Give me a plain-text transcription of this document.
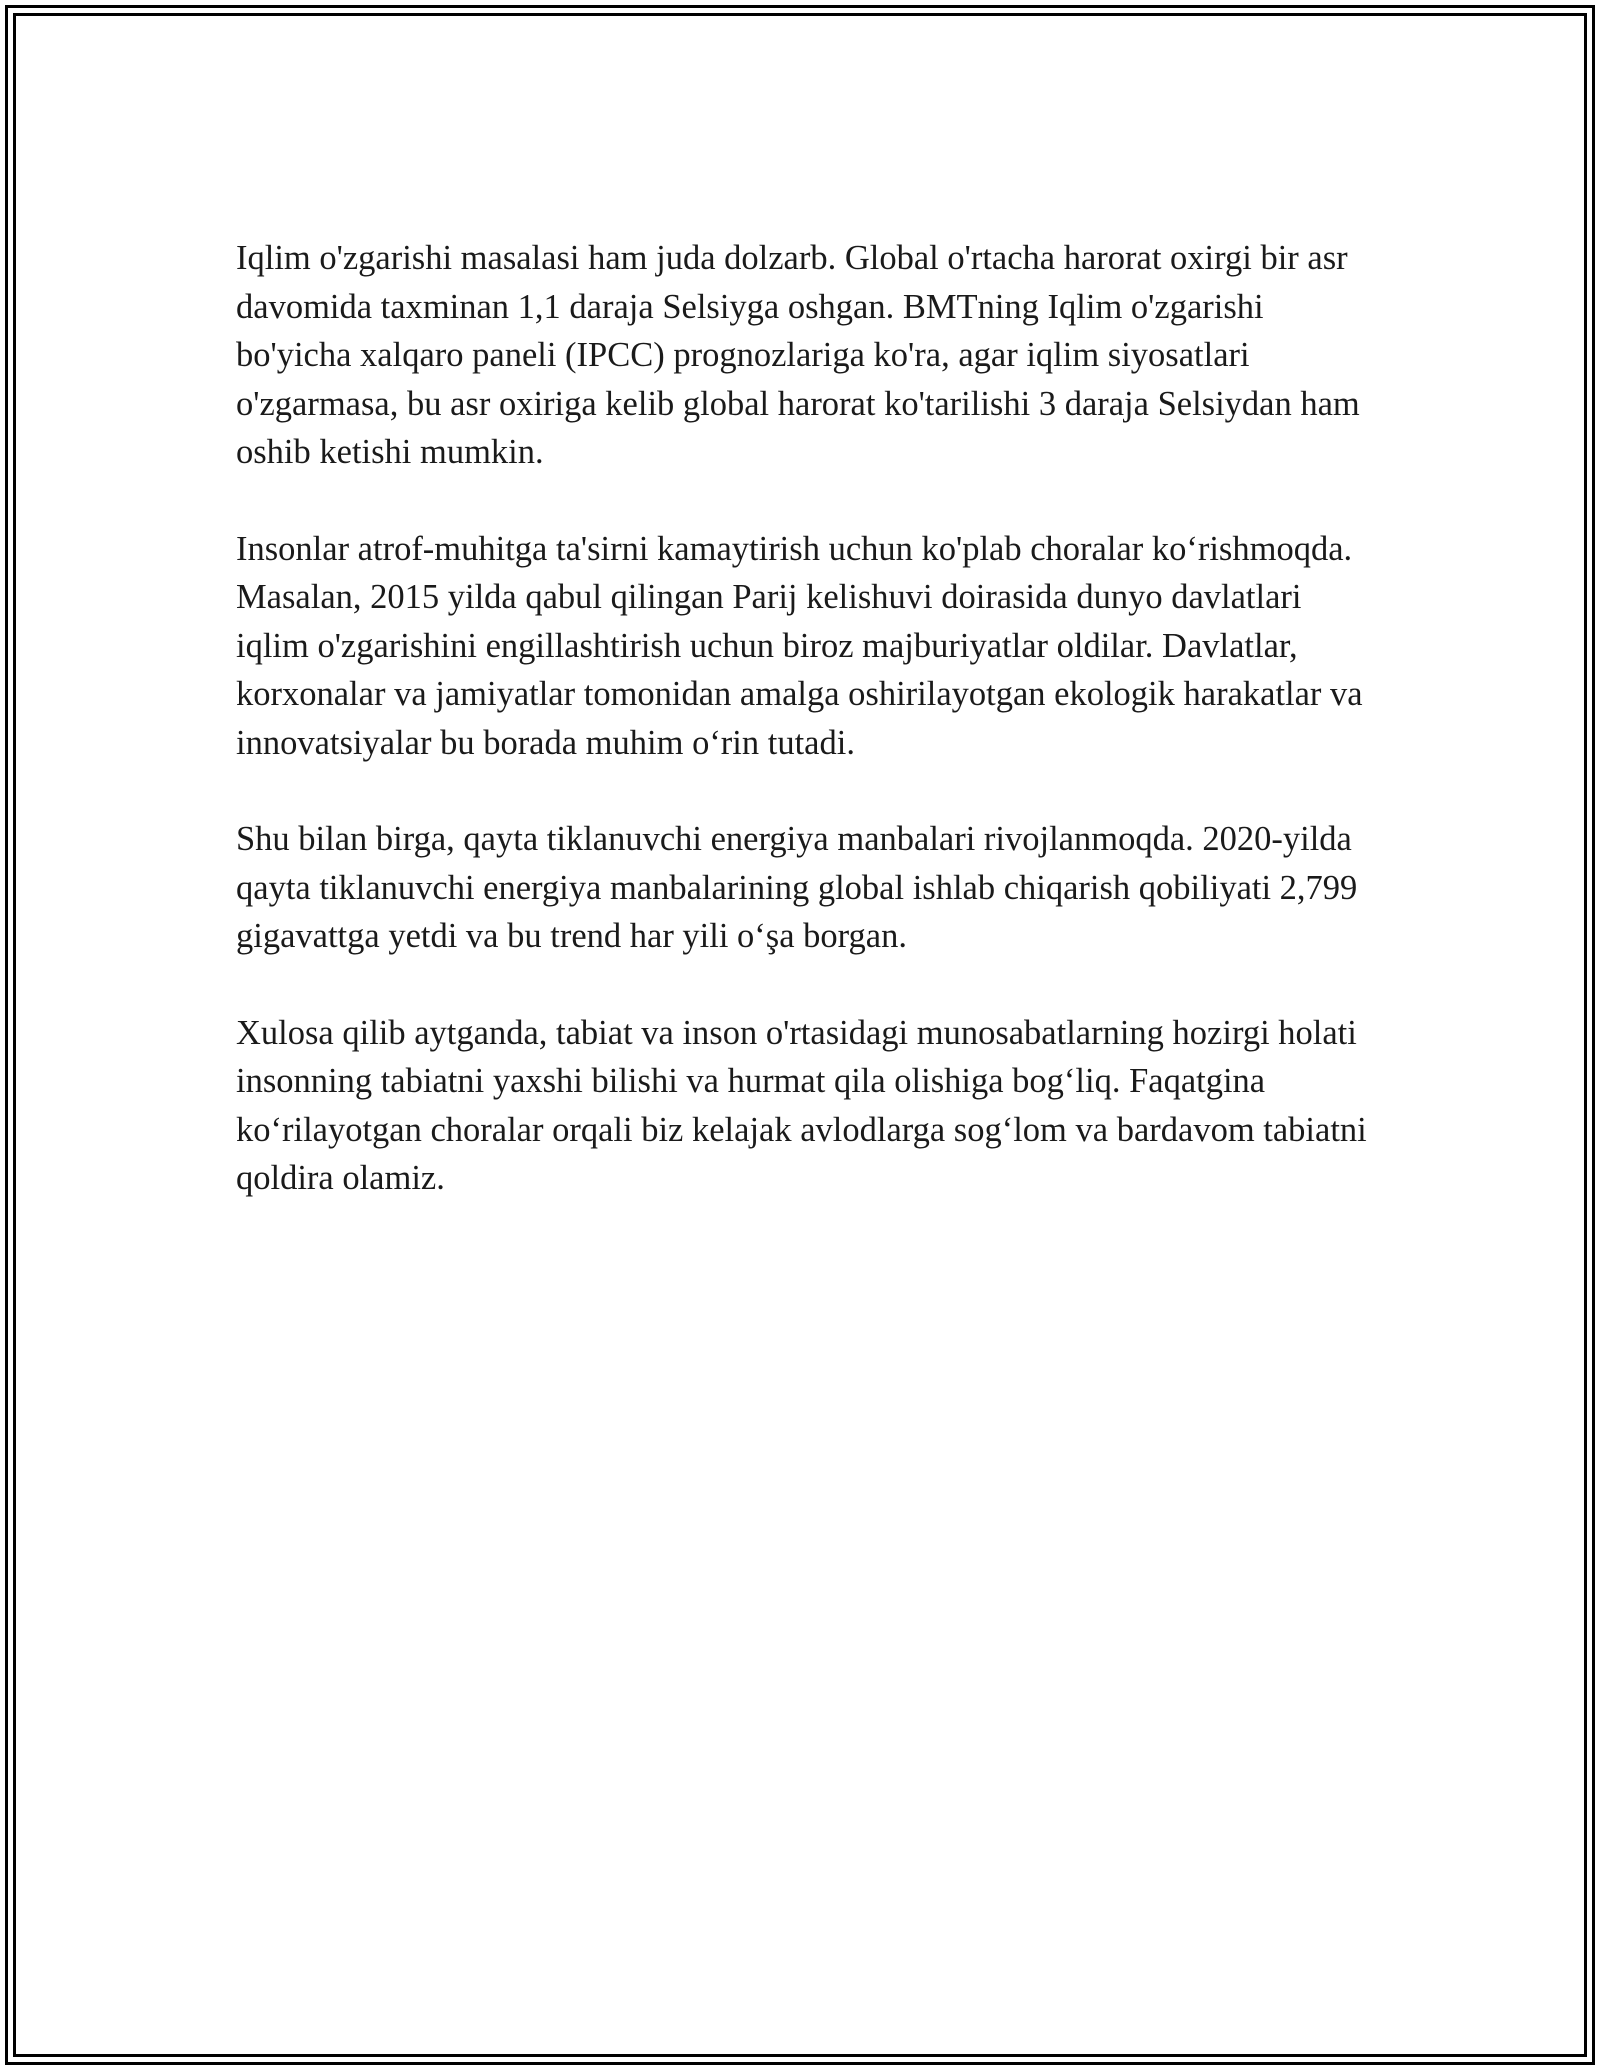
Iqlim o'zgarishi masalasi ham juda dolzarb. Global o'rtacha harorat oxirgi bir asr davomida taxminan 1,1 daraja Selsiyga oshgan. BMTning Iqlim o'zgarishi bo'yicha xalqaro paneli (IPCC) prognozlariga ko'ra, agar iqlim siyosatlari o'zgarmasa, bu asr oxiriga kelib global harorat ko'tarilishi 3 daraja Selsiydan ham oshib ketishi mumkin.

Insonlar atrof-muhitga ta'sirni kamaytirish uchun ko'plab choralar ko‘rishmoqda. Masalan, 2015 yilda qabul qilingan Parij kelishuvi doirasida dunyo davlatlari iqlim o'zgarishini engillashtirish uchun biroz majburiyatlar oldilar. Davlatlar, korxonalar va jamiyatlar tomonidan amalga oshirilayotgan ekologik harakatlar va innovatsiyalar bu borada muhim o‘rin tutadi.

Shu bilan birga, qayta tiklanuvchi energiya manbalari rivojlanmoqda. 2020-yilda qayta tiklanuvchi energiya manbalarining global ishlab chiqarish qobiliyati 2,799 gigavattga yetdi va bu trend har yili o‘şa borgan.

Xulosa qilib aytganda, tabiat va inson o'rtasidagi munosabatlarning hozirgi holati insonning tabiatni yaxshi bilishi va hurmat qila olishiga bog‘liq. Faqatgina ko‘rilayotgan choralar orqali biz kelajak avlodlarga sog‘lom va bardavom tabiatni qoldira olamiz.
